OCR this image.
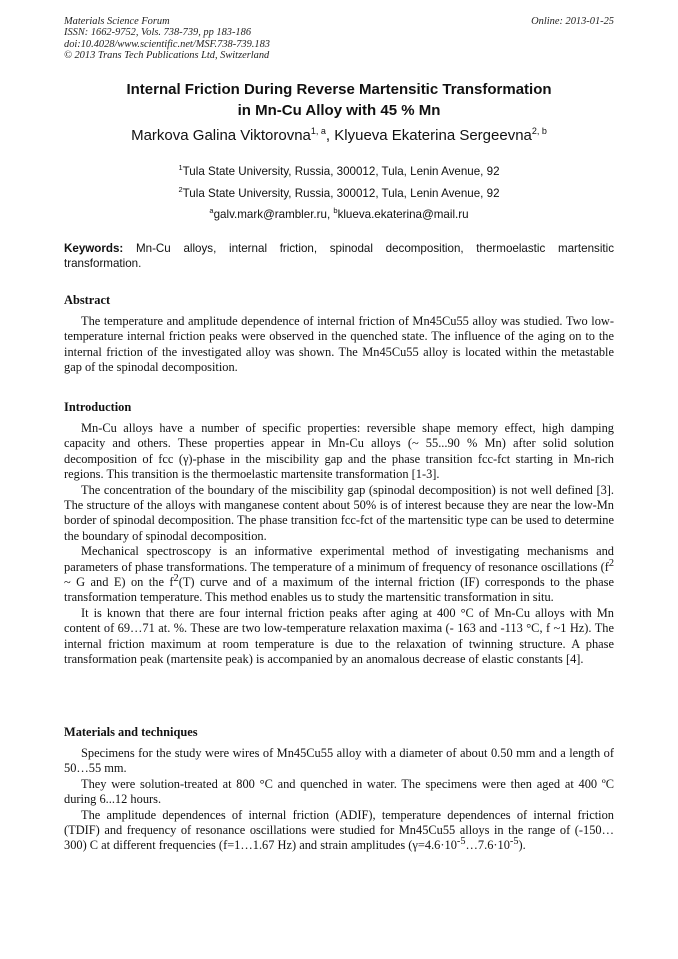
Materials Science Forum
ISSN: 1662-9752, Vols. 738-739, pp 183-186
doi:10.4028/www.scientific.net/MSF.738-739.183
© 2013 Trans Tech Publications Ltd, Switzerland
Online: 2013-01-25
Internal Friction During Reverse Martensitic Transformation
in Mn-Cu Alloy with 45 % Mn
Markova Galina Viktorovna$^{1, a}$, Klyueva Ekaterina Sergeevna$^{2, b}$
$^1$Tula State University, Russia, 300012, Tula, Lenin Avenue, 92
$^2$Tula State University, Russia, 300012, Tula, Lenin Avenue, 92
$^a$galv.mark@rambler.ru, $^b$klueva.ekaterina@mail.ru
Keywords: Mn-Cu alloys, internal friction, spinodal decomposition, thermoelastic martensitic transformation.
Abstract

The temperature and amplitude dependence of internal friction of Mn45Cu55 alloy was studied. Two low-temperature internal friction peaks were observed in the quenched state. The influence of the aging on to the internal friction of the investigated alloy was shown. The Mn45Cu55 alloy is located within the metastable gap of the spinodal decomposition.

Introduction

Mn-Cu alloys have a number of specific properties: reversible shape memory effect, high damping capacity and others. These properties appear in Mn-Cu alloys (~ 55...90 % Mn) after solid solution decomposition of fcc (γ)-phase in the miscibility gap and the phase transition fcc-fct starting in Mn-rich regions. This transition is the thermoelastic martensite transformation [1-3].

The concentration of the boundary of the miscibility gap (spinodal decomposition) is not well defined [3]. The structure of the alloys with manganese content about 50% is of interest because they are near the low-Mn border of spinodal decomposition. The phase transition fcc-fct of the martensitic type can be used to determine the boundary of spinodal decomposition.

Mechanical spectroscopy is an informative experimental method of investigating mechanisms and parameters of phase transformations. The temperature of a minimum of frequency of resonance oscillations ($f^2$ ~ G and E) on the $f^2(T)$ curve and of a maximum of the internal friction (IF) corresponds to the phase transformation temperature. This method enables us to study the martensitic transformation in situ.

It is known that there are four internal friction peaks after aging at 400 °C of Mn-Cu alloys with Mn content of 69…71 at. %. These are two low-temperature relaxation maxima (- 163 and -113 °C, f ~1 Hz). The internal friction maximum at room temperature is due to the relaxation of twinning structure. A phase transformation peak (martensite peak) is accompanied by an anomalous decrease of elastic constants [4].

Materials and techniques

Specimens for the study were wires of Mn45Cu55 alloy with a diameter of about 0.50 mm and a length of 50…55 mm.

They were solution-treated at 800 °C and quenched in water. The specimens were then aged at 400 ºC during 6...12 hours.

The amplitude dependences of internal friction (ADIF), temperature dependences of internal friction (TDIF) and frequency of resonance oscillations were studied for Mn45Cu55 alloys in the range of (-150…300) C at different frequencies (f=1…1.67 Hz) and strain amplitudes $(\gamma=4.6\cdot 10^{-5}\dots 7.6\cdot 10^{-5})$.
